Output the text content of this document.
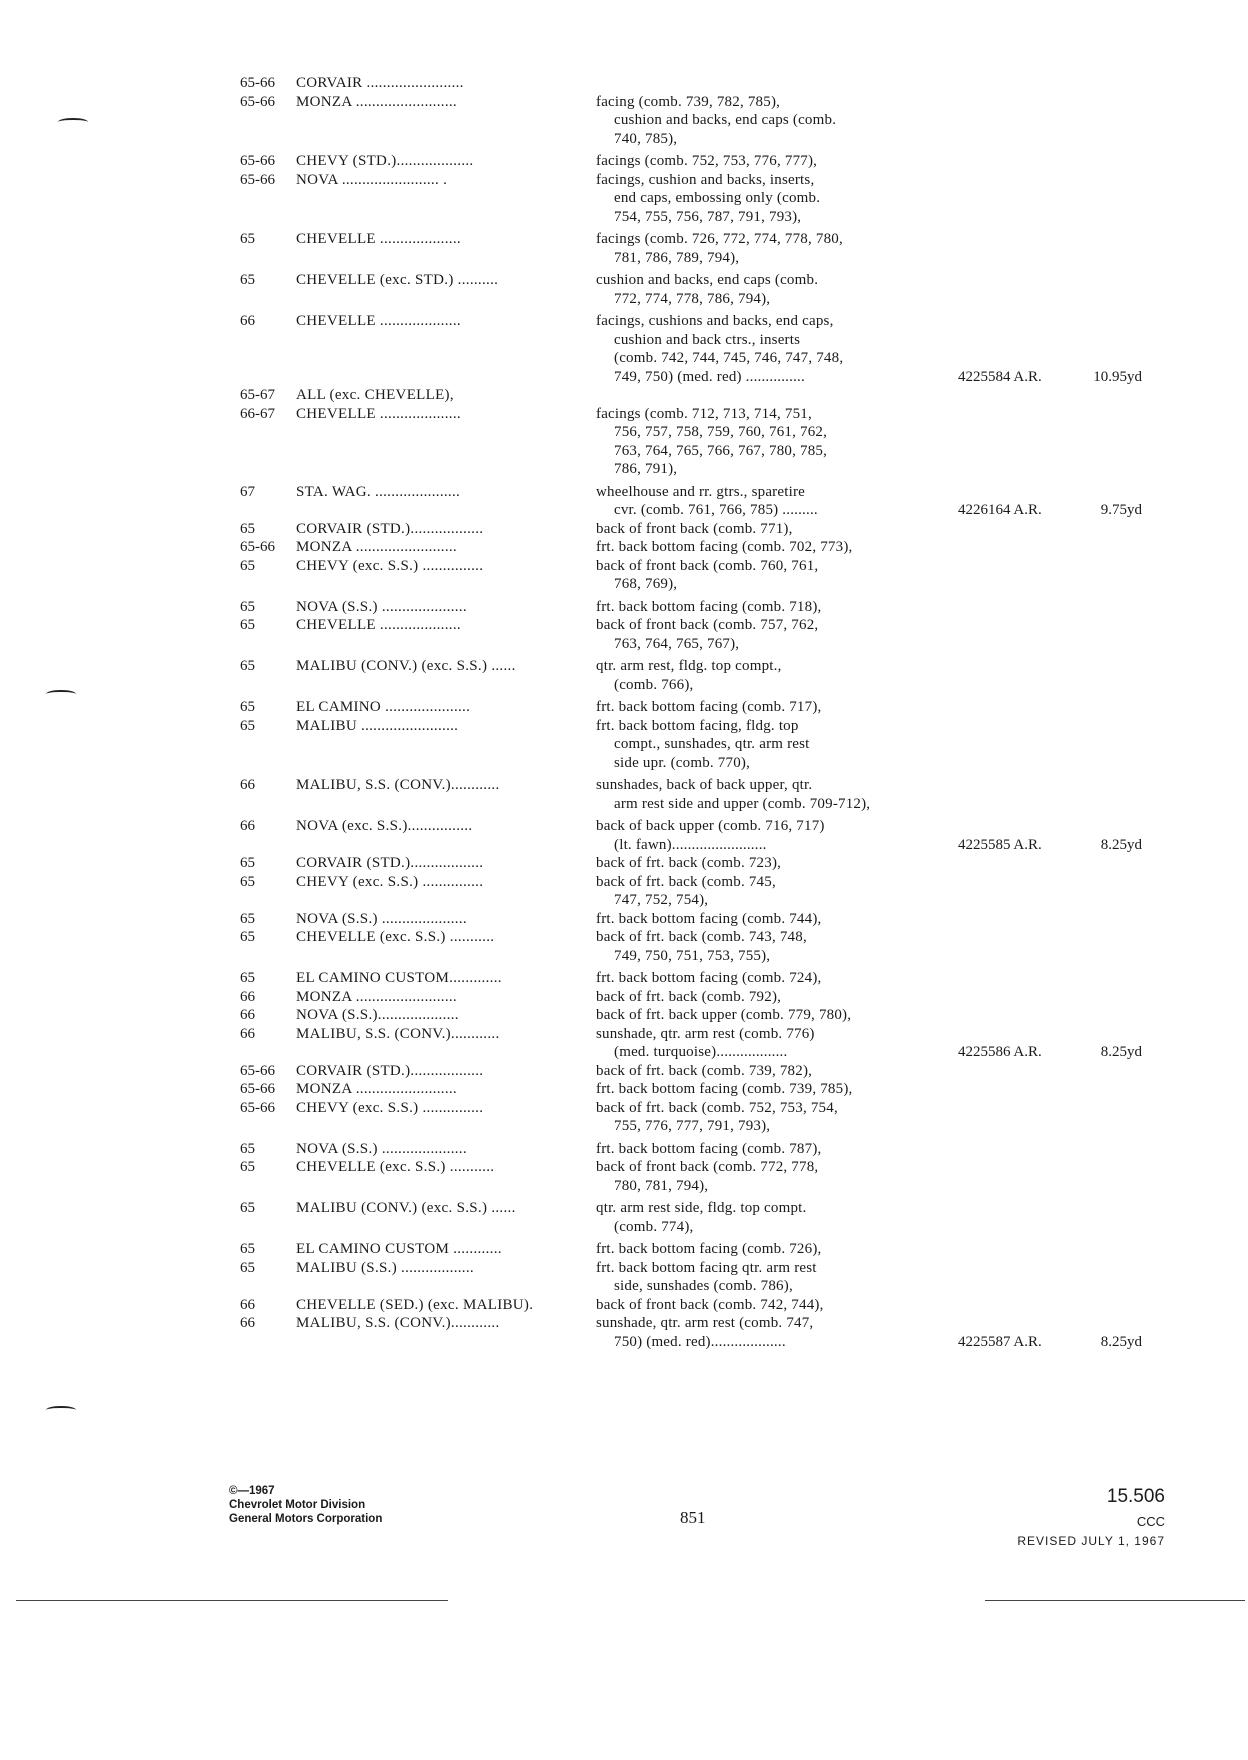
65-66	CORVAIR ........................
65-66	MONZA .........................	facing (comb. 739, 782, 785),
cushion and backs, end caps (comb.
740, 785),
65-66	CHEVY (STD.)...................	facings (comb. 752, 753, 776, 777),
65-66	NOVA ........................ .	facings, cushion and backs, inserts,
end caps, embossing only (comb.
754, 755, 756, 787, 791, 793),
65	CHEVELLE ....................	facings (comb. 726, 772, 774, 778, 780,
781, 786, 789, 794),
65	CHEVELLE (exc. STD.) ..........	cushion and backs, end caps (comb.
772, 774, 778, 786, 794),
66	CHEVELLE ....................	facings, cushions and backs, end caps,
cushion and back ctrs., inserts
(comb. 742, 744, 745, 746, 747, 748,
749, 750) (med. red) ...............	4225584 A.R.	10.95yd
65-67	ALL (exc. CHEVELLE),
66-67	CHEVELLE ....................	facings (comb. 712, 713, 714, 751,
756, 757, 758, 759, 760, 761, 762,
763, 764, 765, 766, 767, 780, 785,
786, 791),
67	STA. WAG. .....................	wheelhouse and rr. gtrs., sparetire
cvr. (comb. 761, 766, 785) .........	4226164 A.R.	9.75yd
65	CORVAIR (STD.)..................	back of front back (comb. 771),
65-66	MONZA .........................	frt. back bottom facing (comb. 702, 773),
65	CHEVY (exc. S.S.) ...............	back of front back (comb. 760, 761,
768, 769),
65	NOVA (S.S.) .....................	frt. back bottom facing (comb. 718),
65	CHEVELLE ....................	back of front back (comb. 757, 762,
763, 764, 765, 767),
65	MALIBU (CONV.) (exc. S.S.) ......	qtr. arm rest, fldg. top compt.,
(comb. 766),
65	EL CAMINO .....................	frt. back bottom facing (comb. 717),
65	MALIBU ........................	frt. back bottom facing, fldg. top
compt., sunshades, qtr. arm rest
side upr. (comb. 770),
66	MALIBU, S.S. (CONV.)............	sunshades, back of back upper, qtr.
arm rest side and upper (comb. 709-712),
66	NOVA (exc. S.S.)................	back of back upper (comb. 716, 717)
(lt. fawn)........................	4225585 A.R.	8.25yd
65	CORVAIR (STD.)..................	back of frt. back (comb. 723),
65	CHEVY (exc. S.S.) ...............	back of frt. back (comb. 745,
747, 752, 754),
65	NOVA (S.S.) .....................	frt. back bottom facing (comb. 744),
65	CHEVELLE (exc. S.S.) ...........	back of frt. back (comb. 743, 748,
749, 750, 751, 753, 755),
65	EL CAMINO CUSTOM.............	frt. back bottom facing (comb. 724),
66	MONZA .........................	back of frt. back (comb. 792),
66	NOVA (S.S.)....................	back of frt. back upper (comb. 779, 780),
66	MALIBU, S.S. (CONV.)............	sunshade, qtr. arm rest (comb. 776)
(med. turquoise)..................	4225586 A.R.	8.25yd
65-66	CORVAIR (STD.)..................	back of frt. back (comb. 739, 782),
65-66	MONZA .........................	frt. back bottom facing (comb. 739, 785),
65-66	CHEVY (exc. S.S.) ...............	back of frt. back (comb. 752, 753, 754,
755, 776, 777, 791, 793),
65	NOVA (S.S.) .....................	frt. back bottom facing (comb. 787),
65	CHEVELLE (exc. S.S.) ...........	back of front back (comb. 772, 778,
780, 781, 794),
65	MALIBU (CONV.) (exc. S.S.) ......	qtr. arm rest side, fldg. top compt.
(comb. 774),
65	EL CAMINO CUSTOM ............	frt. back bottom facing (comb. 726),
65	MALIBU (S.S.) ..................	frt. back bottom facing qtr. arm rest
side, sunshades (comb. 786),
66	CHEVELLE (SED.) (exc. MALIBU).	back of front back (comb. 742, 744),
66	MALIBU, S.S. (CONV.)............	sunshade, qtr. arm rest (comb. 747,
750) (med. red)...................	4225587 A.R.	8.25yd
©—1967
Chevrolet Motor Division
General Motors Corporation	851
15.506
CCC
REVISED JULY 1, 1967
